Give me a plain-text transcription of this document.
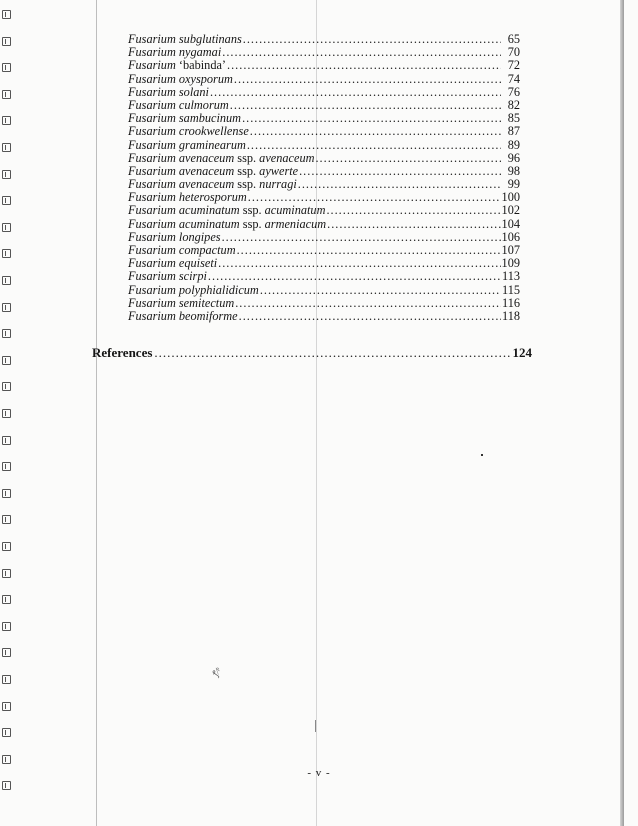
ꝭ⁄ᵖ
Fusarium subglutinans .....	65
Fusarium nygamai .....	70
Fusarium ‘babinda’ .....	72
Fusarium oxysporum .....	74
Fusarium solani .....	76
Fusarium culmorum .....	82
Fusarium sambucinum .....	85
Fusarium crookwellense .....	87
Fusarium graminearum .....	89
Fusarium avenaceum ssp. avenaceum .....	96
Fusarium avenaceum ssp. aywerte .....	98
Fusarium avenaceum ssp. nurragi .....	99
Fusarium heterosporum .....	100
Fusarium acuminatum ssp. acuminatum .....	102
Fusarium acuminatum ssp. armeniacum .....	104
Fusarium longipes .....	106
Fusarium compactum .....	107
Fusarium equiseti .....	109
Fusarium scirpi .....	113
Fusarium polyphialidicum .....	115
Fusarium semitectum .....	116
Fusarium beomiforme .....	118
References .....	124
- v -
